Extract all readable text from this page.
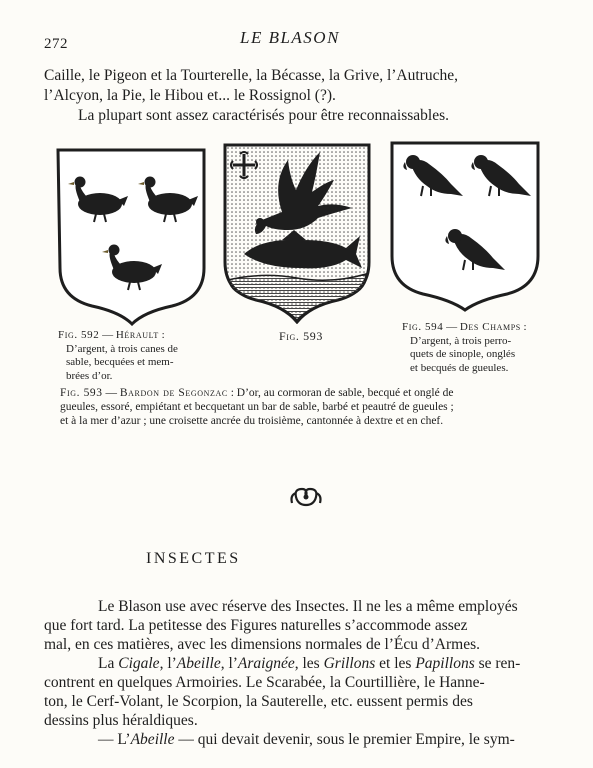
272	LE BLASON
Caille, le Pigeon et la Tourterelle, la Bécasse, la Grive, l’Autruche,
l’Alcyon, la Pie, le Hibou et... le Rossignol (?).
La plupart sont assez caractérisés pour être reconnaissables.
Fig. 592 — Hérault :
D’argent, à trois canes de
sable, becquées et mem-
brées d’or.
Fig. 593
Fig. 594 — Des Champs :
D’argent, à trois perro-
quets de sinople, onglés
et becqués de gueules.
Fig. 593 — Bardon de Segonzac : D’or, au cormoran de sable, becqué et onglé de
gueules, essoré, empiétant et becquetant un bar de sable, barbé et peautré de gueules ;
et à la mer d’azur ; une croisette ancrée du troisième, cantonnée à dextre et en chef.
INSECTES
Le Blason use avec réserve des Insectes. Il ne les a même employés
que fort tard. La petitesse des Figures naturelles s’accommode assez
mal, en ces matières, avec les dimensions normales de l’Écu d’Armes.
La Cigale, l’Abeille, l’Araignée, les Grillons et les Papillons se ren-
contrent en quelques Armoiries. Le Scarabée, la Courtillière, le Hanne-
ton, le Cerf-Volant, le Scorpion, la Sauterelle, etc. eussent permis des
dessins plus héraldiques.
— L’Abeille — qui devait devenir, sous le premier Empire, le sym-
